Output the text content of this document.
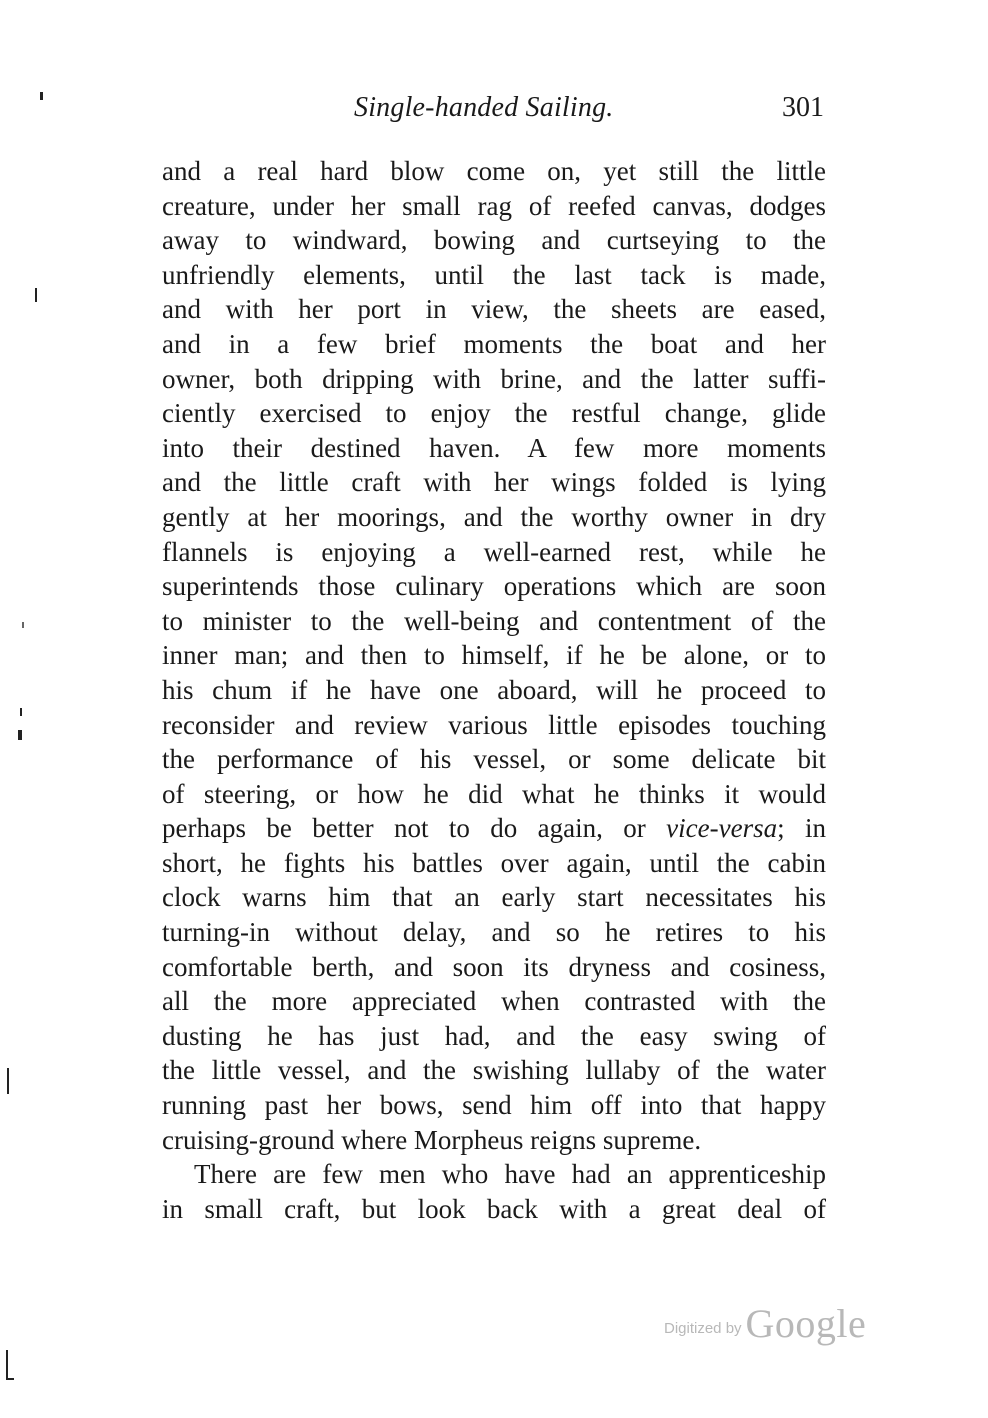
Single-handed Sailing.	301
and a real hard blow come on, yet still the little
creature, under her small rag of reefed canvas, dodges
away to windward, bowing and curtseying to the
unfriendly elements, until the last tack is made,
and with her port in view, the sheets are eased,
and in a few brief moments the boat and her
owner, both dripping with brine, and the latter suffi-
ciently exercised to enjoy the restful change, glide
into their destined haven. A few more moments
and the little craft with her wings folded is lying
gently at her moorings, and the worthy owner in dry
flannels is enjoying a well-earned rest, while he
superintends those culinary operations which are soon
to minister to the well-being and contentment of the
inner man; and then to himself, if he be alone, or to
his chum if he have one aboard, will he proceed to
reconsider and review various little episodes touching
the performance of his vessel, or some delicate bit
of steering, or how he did what he thinks it would
perhaps be better not to do again, or vice-versa; in
short, he fights his battles over again, until the cabin
clock warns him that an early start necessitates his
turning-in without delay, and so he retires to his
comfortable berth, and soon its dryness and cosiness,
all the more appreciated when contrasted with the
dusting he has just had, and the easy swing of
the little vessel, and the swishing lullaby of the water
running past her bows, send him off into that happy
cruising-ground where Morpheus reigns supreme.
There are few men who have had an apprenticeship
in small craft, but look back with a great deal of
Digitized by Google
